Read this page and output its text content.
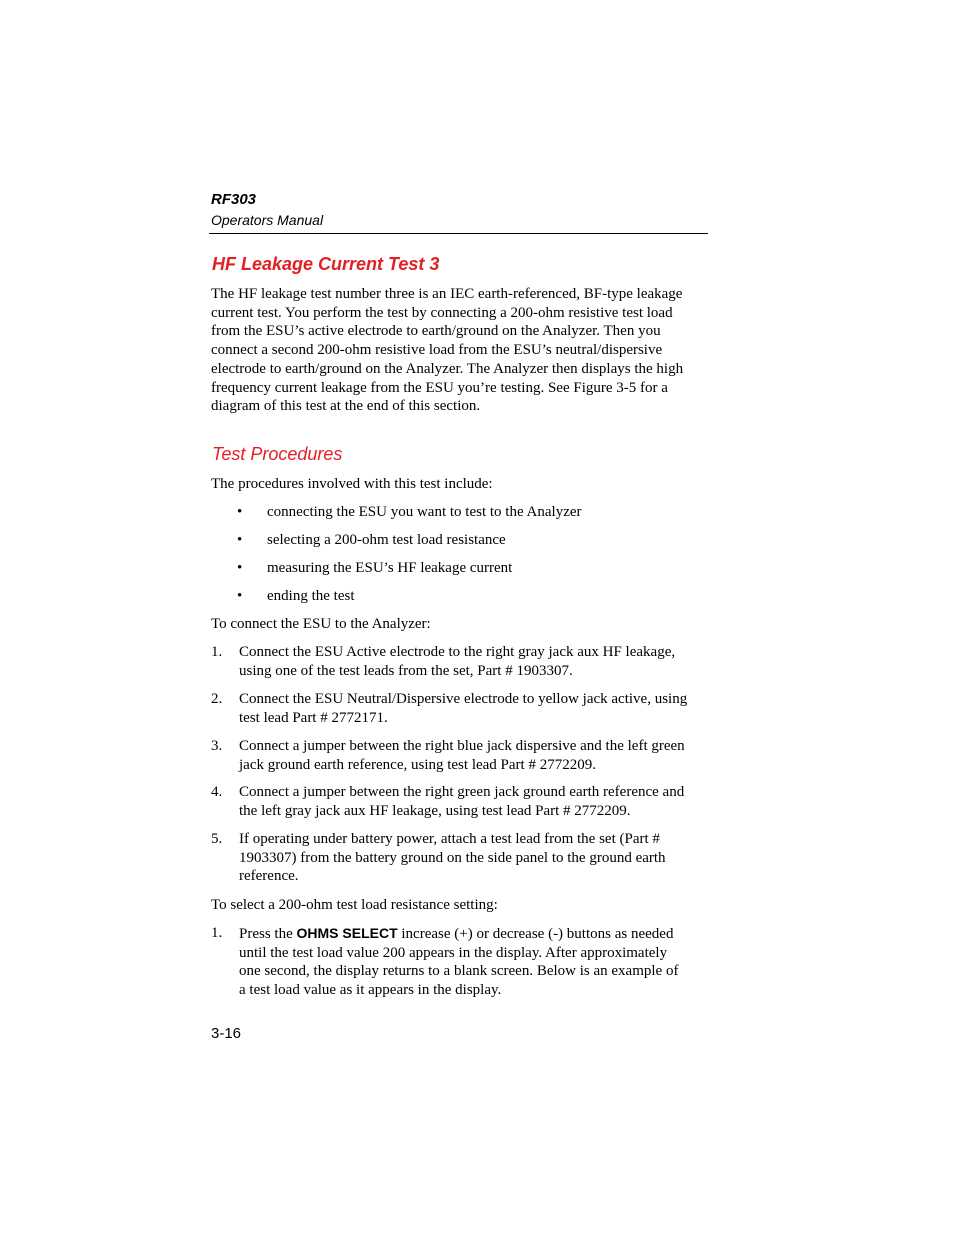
RF303
Operators Manual
HF Leakage Current Test 3

The HF leakage test number three is an IEC earth-referenced, BF-type leakage
current test. You perform the test by connecting a 200-ohm resistive test load
from the ESU’s active electrode to earth/ground on the Analyzer. Then you
connect a second 200-ohm resistive load from the ESU’s neutral/dispersive
electrode to earth/ground on the Analyzer. The Analyzer then displays the high
frequency current leakage from the ESU you’re testing. See Figure 3-5 for a
diagram of this test at the end of this section.

Test Procedures

The procedures involved with this test include:

• connecting the ESU you want to test to the Analyzer
• selecting a 200-ohm test load resistance
• measuring the ESU’s HF leakage current
• ending the test

To connect the ESU to the Analyzer:

1. Connect the ESU Active electrode to the right gray jack aux HF leakage,
using one of the test leads from the set, Part # 1903307.
2. Connect the ESU Neutral/Dispersive electrode to yellow jack active, using
test lead Part # 2772171.
3. Connect a jumper between the right blue jack dispersive and the left green
jack ground earth reference, using test lead Part # 2772209.
4. Connect a jumper between the right green jack ground earth reference and
the left gray jack aux HF leakage, using test lead Part # 2772209.
5. If operating under battery power, attach a test lead from the set (Part #
1903307) from the battery ground on the side panel to the ground earth
reference.

To select a 200-ohm test load resistance setting:

1. Press the OHMS SELECT increase (+) or decrease (-) buttons as needed
until the test load value 200 appears in the display. After approximately
one second, the display returns to a blank screen. Below is an example of
a test load value as it appears in the display.
3-16
